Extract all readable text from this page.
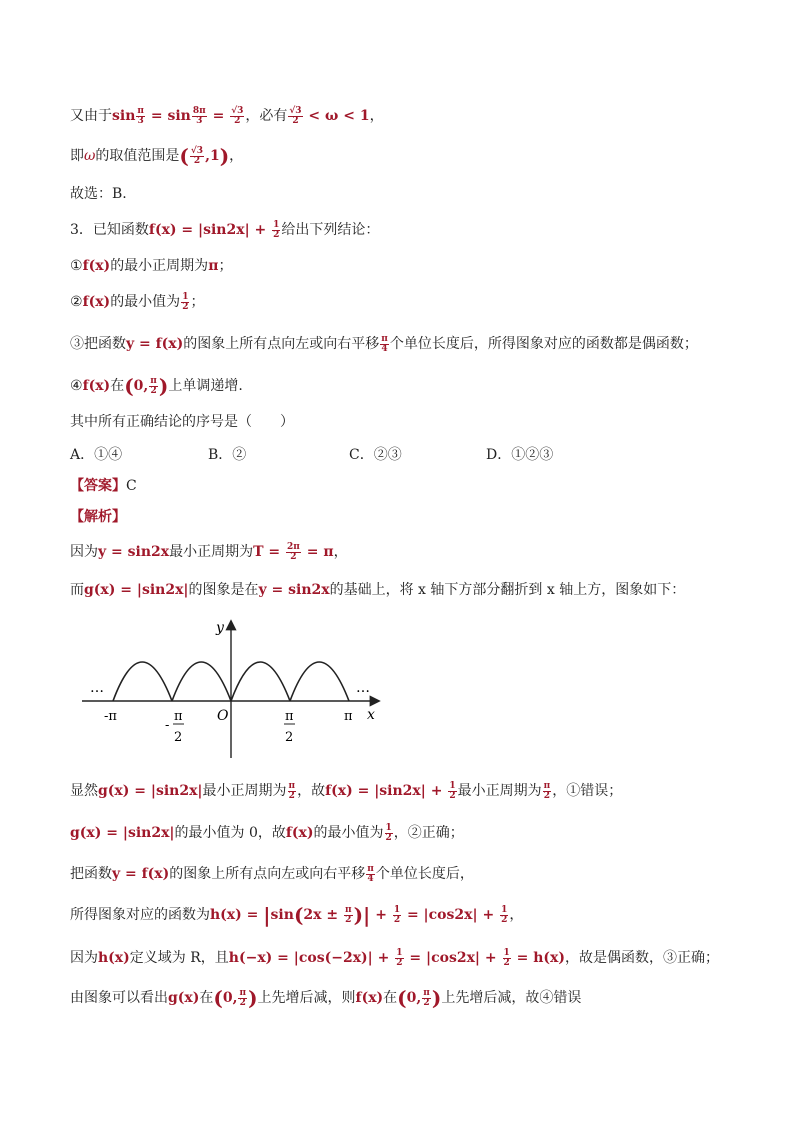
又由于$\sin \frac{\pi}{3} = \sin \frac{8\pi}{3} = \frac{√3}{2}$ ，必有 $\frac{√3}{2} < \omega < 1$，
即ω的取值范围是( $\frac{√3}{2} ,1$)，
故选：B.
3．已知函数$f(x) = |\sin 2x| + \frac{1}{2}$ 给出下列结论：
①f(x)的最小正周期为π；
②f(x)的最小值为 $\frac{1}{2}$ ；
③把函数y = f(x)的图象上所有点向左或向右平移 $\frac{\pi}{4}$ 个单位长度后，所得图象对应的函数都是偶函数；
④f(x)在(0, $\frac{\pi}{2}$ )上单调递增.
其中所有正确结论的序号是（　　）
A．①④	B．②	C．②③	D．①②③
【答案】C
【解析】
因为y = sin2x最小正周期为$T = \frac{2\pi}{2} = \pi$，
而g(x) = |sin2x|的图象是在y = sin2x的基础上，将 x 轴下方部分翻折到 x 轴上方，图象如下：
y
x
O
-π	π
-
2
π
2
π
…	…
显然g(x) = |sin2x|最小正周期为 $\frac{\pi}{2}$ ，故$f(x) = |\sin 2x| + \frac{1}{2}$ 最小正周期为 $\frac{\pi}{2}$ ，①错误；
g(x) = |sin2x|的最小值为 0，故f(x)的最小值为 $\frac{1}{2}$ ，②正确；
把函数y = f(x)的图象上所有点向左或向右平移 $\frac{\pi}{4}$ 个单位长度后，
所得图象对应的函数为$h(x) = |\sin(2x \pm \frac{\pi}{2}$ )| + $\frac{1}{2} = |\cos 2x| + \frac{1}{2}$ ，
因为h(x)定义域为 R，且$h(-x) = |\cos(-2x)| + \frac{1}{2} = |\cos 2x| + \frac{1}{2} = h(x)$，故是偶函数，③正确；
由图象可以看出g(x)在(0, $\frac{\pi}{2}$ )上先增后减，则f(x)在(0, $\frac{\pi}{2}$ )上先增后减，故④错误
